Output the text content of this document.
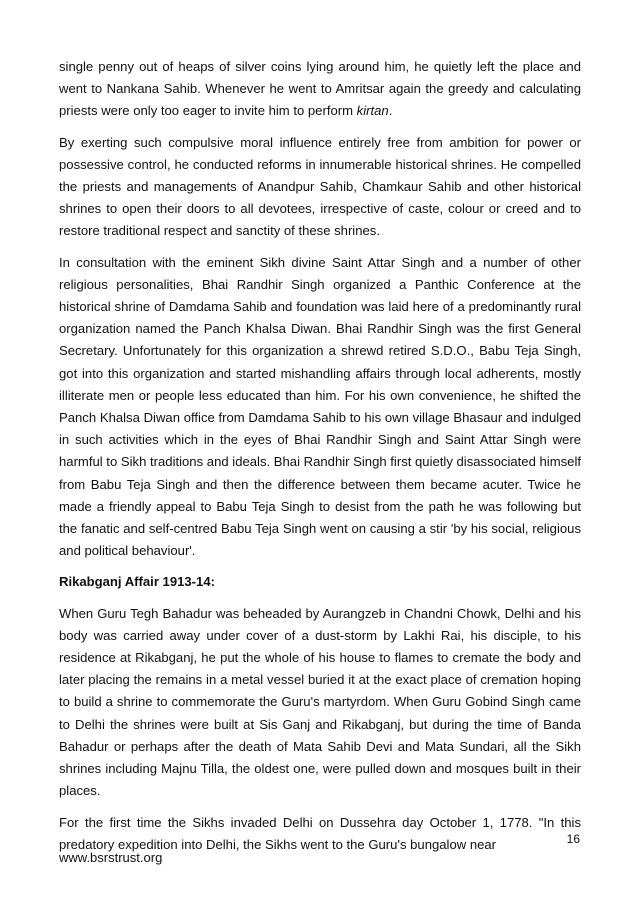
single penny out of heaps of silver coins lying around him, he quietly left the place and went to Nankana Sahib. Whenever he went to Amritsar again the greedy and calculating priests were only too eager to invite him to perform kirtan.

By exerting such compulsive moral influence entirely free from ambition for power or possessive control, he conducted reforms in innumerable historical shrines. He compelled the priests and managements of Anandpur Sahib, Chamkaur Sahib and other historical shrines to open their doors to all devotees, irrespective of caste, colour or creed and to restore traditional respect and sanctity of these shrines.

In consultation with the eminent Sikh divine Saint Attar Singh and a number of other religious personalities, Bhai Randhir Singh organized a Panthic Conference at the historical shrine of Damdama Sahib and foundation was laid here of a predominantly rural organization named the Panch Khalsa Diwan. Bhai Randhir Singh was the first General Secretary. Unfortunately for this organization a shrewd retired S.D.O., Babu Teja Singh, got into this organization and started mishandling affairs through local adherents, mostly illiterate men or people less educated than him. For his own convenience, he shifted the Panch Khalsa Diwan office from Damdama Sahib to his own village Bhasaur and indulged in such activities which in the eyes of Bhai Randhir Singh and Saint Attar Singh were harmful to Sikh traditions and ideals. Bhai Randhir Singh first quietly disassociated himself from Babu Teja Singh and then the difference between them became acuter. Twice he made a friendly appeal to Babu Teja Singh to desist from the path he was following but the fanatic and self-centred Babu Teja Singh went on causing a stir 'by his social, religious and political behaviour'.

Rikabganj Affair 1913-14:

When Guru Tegh Bahadur was beheaded by Aurangzeb in Chandni Chowk, Delhi and his body was carried away under cover of a dust-storm by Lakhi Rai, his disciple, to his residence at Rikabganj, he put the whole of his house to flames to cremate the body and later placing the remains in a metal vessel buried it at the exact place of cremation hoping to build a shrine to commemorate the Guru's martyrdom. When Guru Gobind Singh came to Delhi the shrines were built at Sis Ganj and Rikabganj, but during the time of Banda Bahadur or perhaps after the death of Mata Sahib Devi and Mata Sundari, all the Sikh shrines including Majnu Tilla, the oldest one, were pulled down and mosques built in their places.

For the first time the Sikhs invaded Delhi on Dussehra day October 1, 1778. "In this predatory expedition into Delhi, the Sikhs went to the Guru's bungalow near	16
www.bsrstrust.org
